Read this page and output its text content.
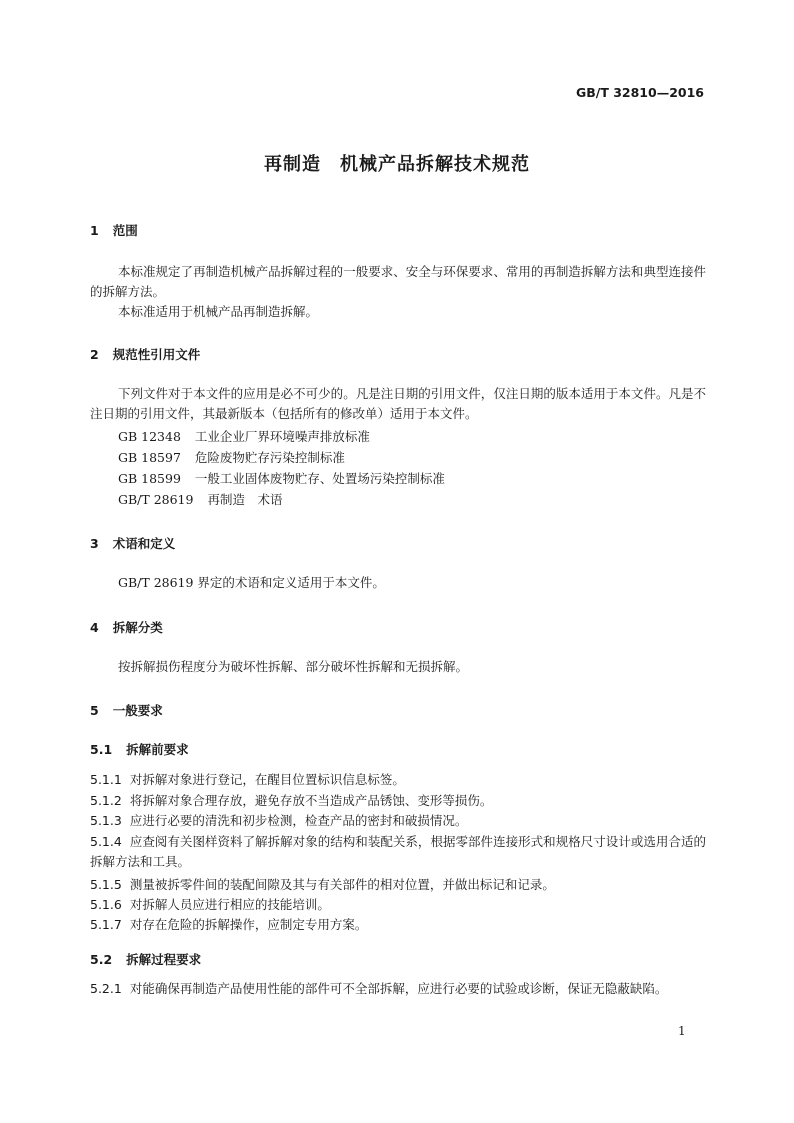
GB/T 32810—2016
再制造　机械产品拆解技术规范
1 范围
本标准规定了再制造机械产品拆解过程的一般要求、安全与环保要求、常用的再制造拆解方法和典型连接件的拆解方法。
本标准适用于机械产品再制造拆解。
2 规范性引用文件
下列文件对于本文件的应用是必不可少的。凡是注日期的引用文件，仅注日期的版本适用于本文件。凡是不注日期的引用文件，其最新版本（包括所有的修改单）适用于本文件。
GB 12348 工业企业厂界环境噪声排放标准
GB 18597 危险废物贮存污染控制标准
GB 18599 一般工业固体废物贮存、处置场污染控制标准
GB/T 28619 再制造　术语
3 术语和定义
GB/T 28619 界定的术语和定义适用于本文件。
4 拆解分类
按拆解损伤程度分为破坏性拆解、部分破坏性拆解和无损拆解。
5 一般要求
5.1 拆解前要求
5.1.1 对拆解对象进行登记，在醒目位置标识信息标签。
5.1.2 将拆解对象合理存放，避免存放不当造成产品锈蚀、变形等损伤。
5.1.3 应进行必要的清洗和初步检测，检查产品的密封和破损情况。
5.1.4 应查阅有关图样资料了解拆解对象的结构和装配关系，根据零部件连接形式和规格尺寸设计或选用合适的拆解方法和工具。
5.1.5 测量被拆零件间的装配间隙及其与有关部件的相对位置，并做出标记和记录。
5.1.6 对拆解人员应进行相应的技能培训。
5.1.7 对存在危险的拆解操作，应制定专用方案。
5.2 拆解过程要求
5.2.1 对能确保再制造产品使用性能的部件可不全部拆解，应进行必要的试验或诊断，保证无隐蔽缺陷。
1
